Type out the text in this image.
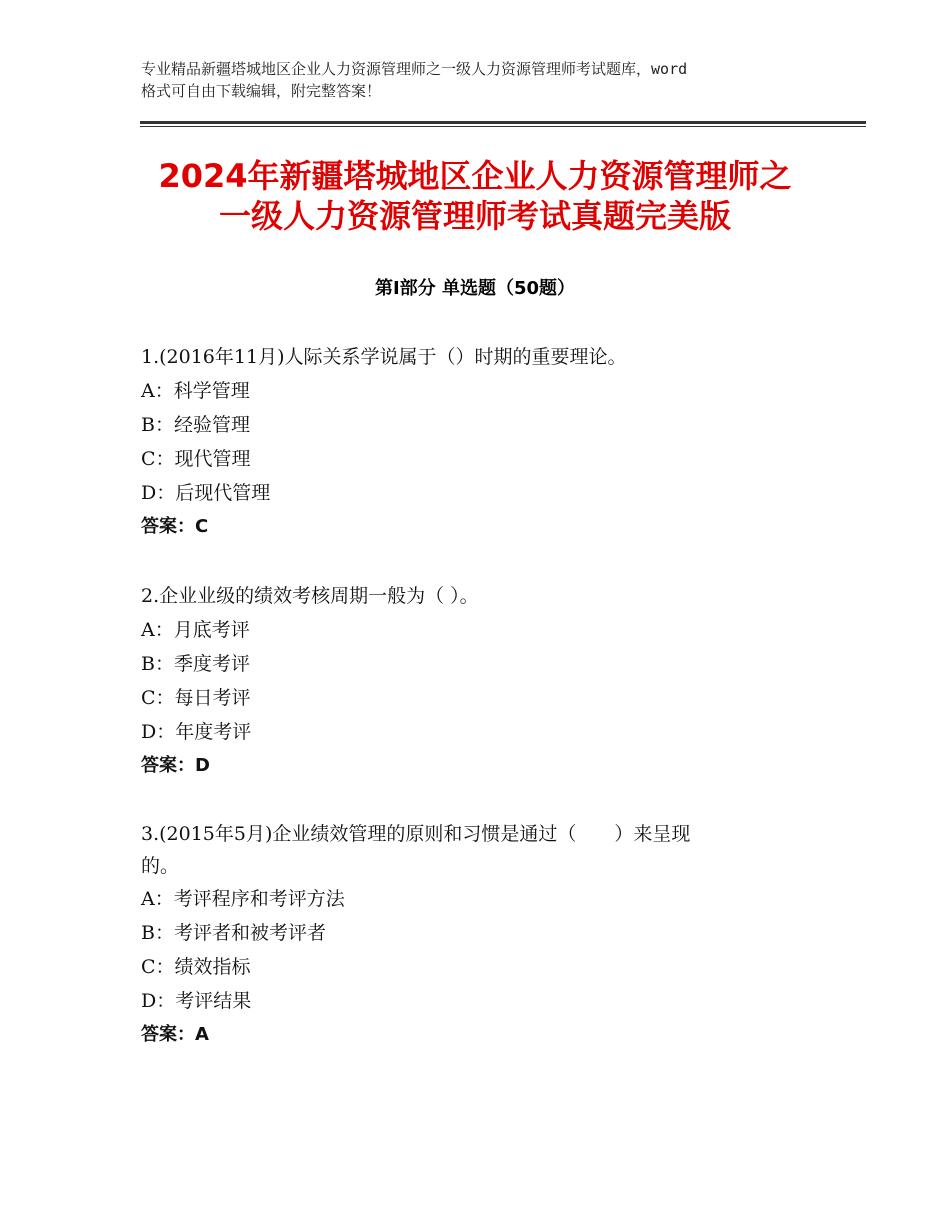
专业精品新疆塔城地区企业人力资源管理师之一级人力资源管理师考试题库，word
格式可自由下载编辑，附完整答案！
2024年新疆塔城地区企业人力资源管理师之
一级人力资源管理师考试真题完美版
第Ⅰ部分 单选题（50题）
1.(2016年11月)人际关系学说属于（）时期的重要理论。
A：科学管理
B：经验管理
C：现代管理
D：后现代管理
答案：C
2.企业业级的绩效考核周期一般为（ ）。
A：月底考评
B：季度考评
C：每日考评
D：年度考评
答案：D
3.(2015年5月)企业绩效管理的原则和习惯是通过（　　）来呈现
的。
A：考评程序和考评方法
B：考评者和被考评者
C：绩效指标
D：考评结果
答案：A
